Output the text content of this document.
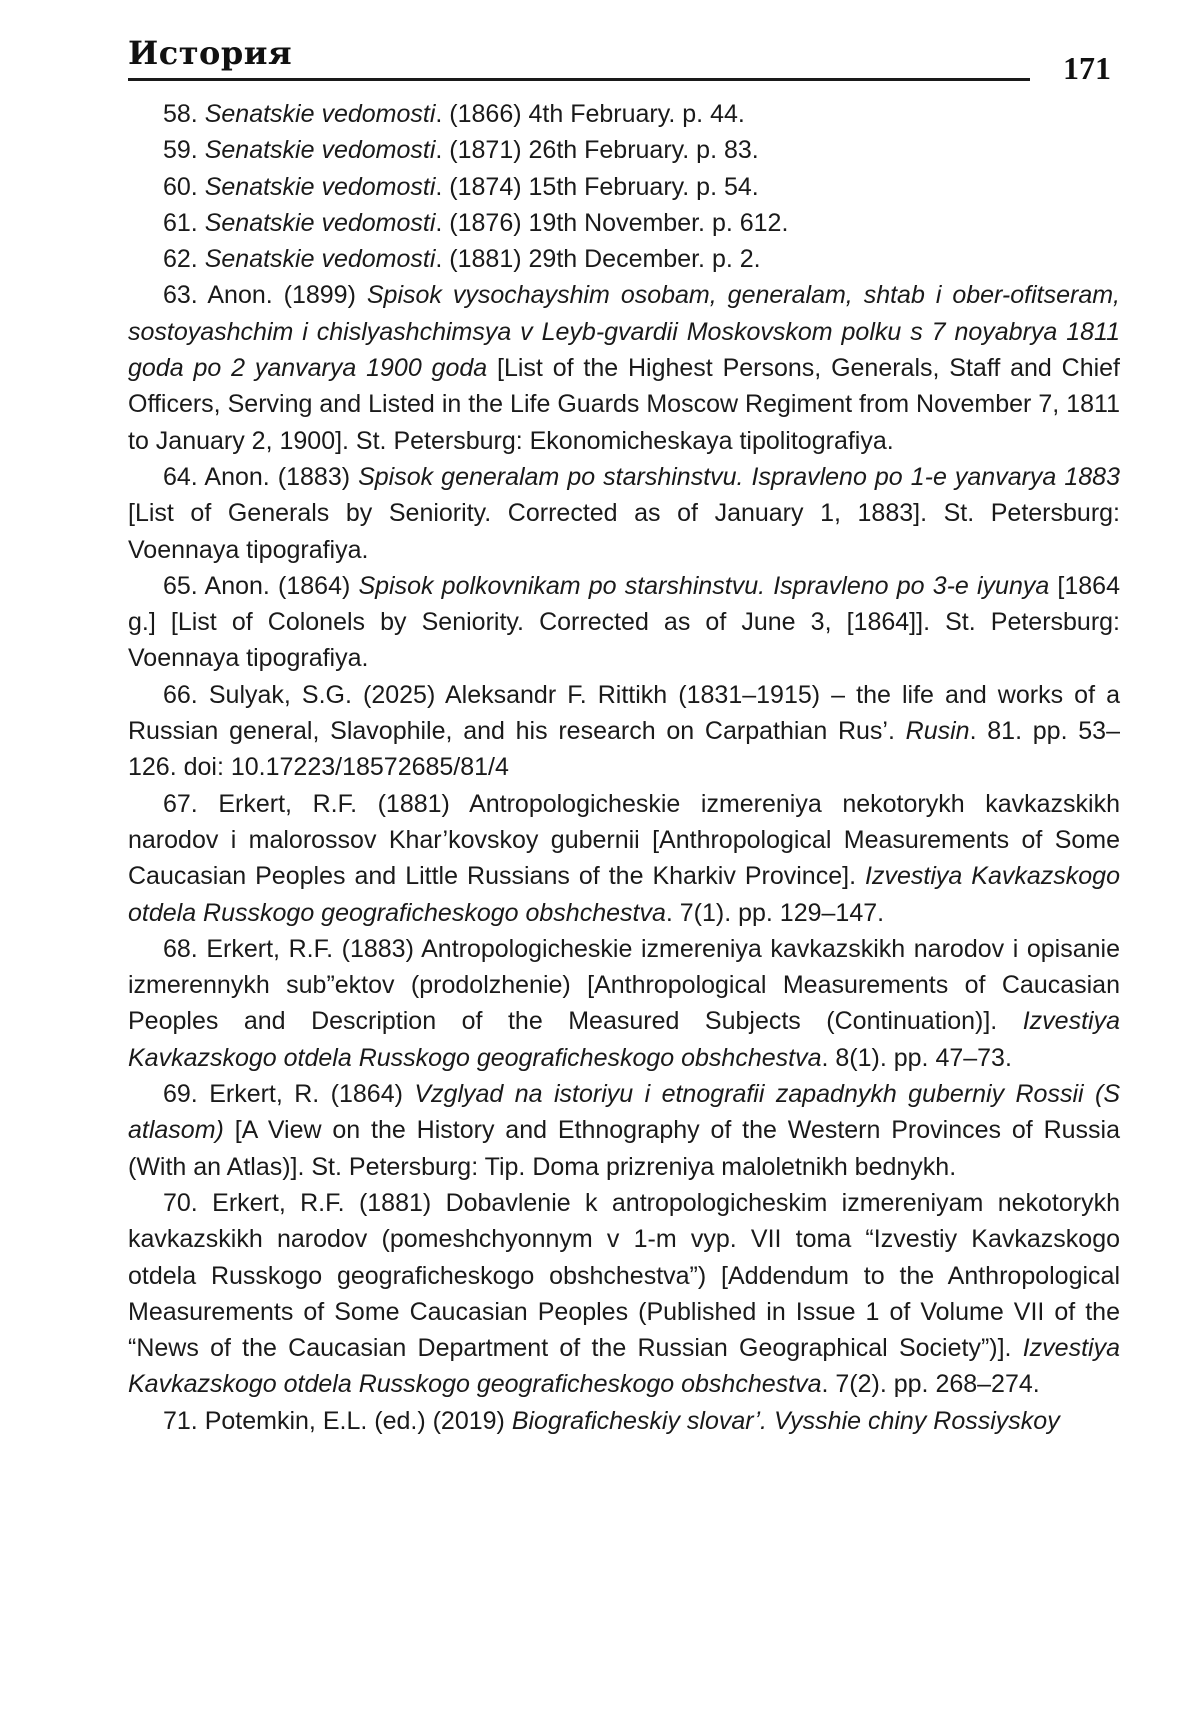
История	171

58. Senatskie vedomosti. (1866) 4th February. p. 44.

59. Senatskie vedomosti. (1871) 26th February. p. 83.

60. Senatskie vedomosti. (1874) 15th February. p. 54.

61. Senatskie vedomosti. (1876) 19th November. p. 612.

62. Senatskie vedomosti. (1881) 29th December. p. 2.

63. Anon. (1899) Spisok vysochayshim osobam, generalam, shtab i ober-ofitseram, sostoyashchim i chislyashchimsya v Leyb-gvardii Moskovskom polku s 7 noyabrya 1811 goda po 2 yanvarya 1900 goda [List of the Highest Persons, Generals, Staff and Chief Officers, Serving and Listed in the Life Guards Moscow Regiment from November 7, 1811 to January 2, 1900]. St. Petersburg: Ekonomicheskaya tipolitografiya.

64. Anon. (1883) Spisok generalam po starshinstvu. Ispravleno po 1-e yanvarya 1883 [List of Generals by Seniority. Corrected as of January 1, 1883]. St. Petersburg: Voennaya tipografiya.

65. Anon. (1864) Spisok polkovnikam po starshinstvu. Ispravleno po 3-e iyunya [1864 g.] [List of Colonels by Seniority. Corrected as of June 3, [1864]]. St. Petersburg: Voennaya tipografiya.

66. Sulyak, S.G. (2025) Aleksandr F. Rittikh (1831–1915) – the life and works of a Russian general, Slavophile, and his research on Carpathian Rus’. Rusin. 81. pp. 53–126. doi: 10.17223/18572685/81/4

67. Erkert, R.F. (1881) Antropologicheskie izmereniya nekotorykh kavkazskikh narodov i malorossov Khar’kovskoy gubernii [Anthropological Measurements of Some Caucasian Peoples and Little Russians of the Kharkiv Province]. Izvestiya Kavkazskogo otdela Russkogo geograficheskogo obshchestva. 7(1). pp. 129–147.

68. Erkert, R.F. (1883) Antropologicheskie izmereniya kavkazskikh narodov i opisanie izmerennykh sub”ektov (prodolzhenie) [Anthropological Measurements of Caucasian Peoples and Description of the Measured Subjects (Continuation)]. Izvestiya Kavkazskogo otdela Russkogo geograficheskogo obshchestva. 8(1). pp. 47–73.

69. Erkert, R. (1864) Vzglyad na istoriyu i etnografii zapadnykh guberniy Rossii (S atlasom) [A View on the History and Ethnography of the Western Provinces of Russia (With an Atlas)]. St. Petersburg: Tip. Doma prizreniya maloletnikh bednykh.

70. Erkert, R.F. (1881) Dobavlenie k antropologicheskim izmereniyam nekotorykh kavkazskikh narodov (pomeshchyonnym v 1-m vyp. VII toma “Izvestiy Kavkazskogo otdela Russkogo geograficheskogo obshchestva”) [Addendum to the Anthropological Measurements of Some Caucasian Peoples (Published in Issue 1 of Volume VII of the “News of the Caucasian Department of the Russian Geographical Society”)]. Izvestiya Kavkazskogo otdela Russkogo geograficheskogo obshchestva. 7(2). pp. 268–274.

71. Potemkin, E.L. (ed.) (2019) Biograficheskiy slovar’. Vysshie chiny Rossiyskoy
